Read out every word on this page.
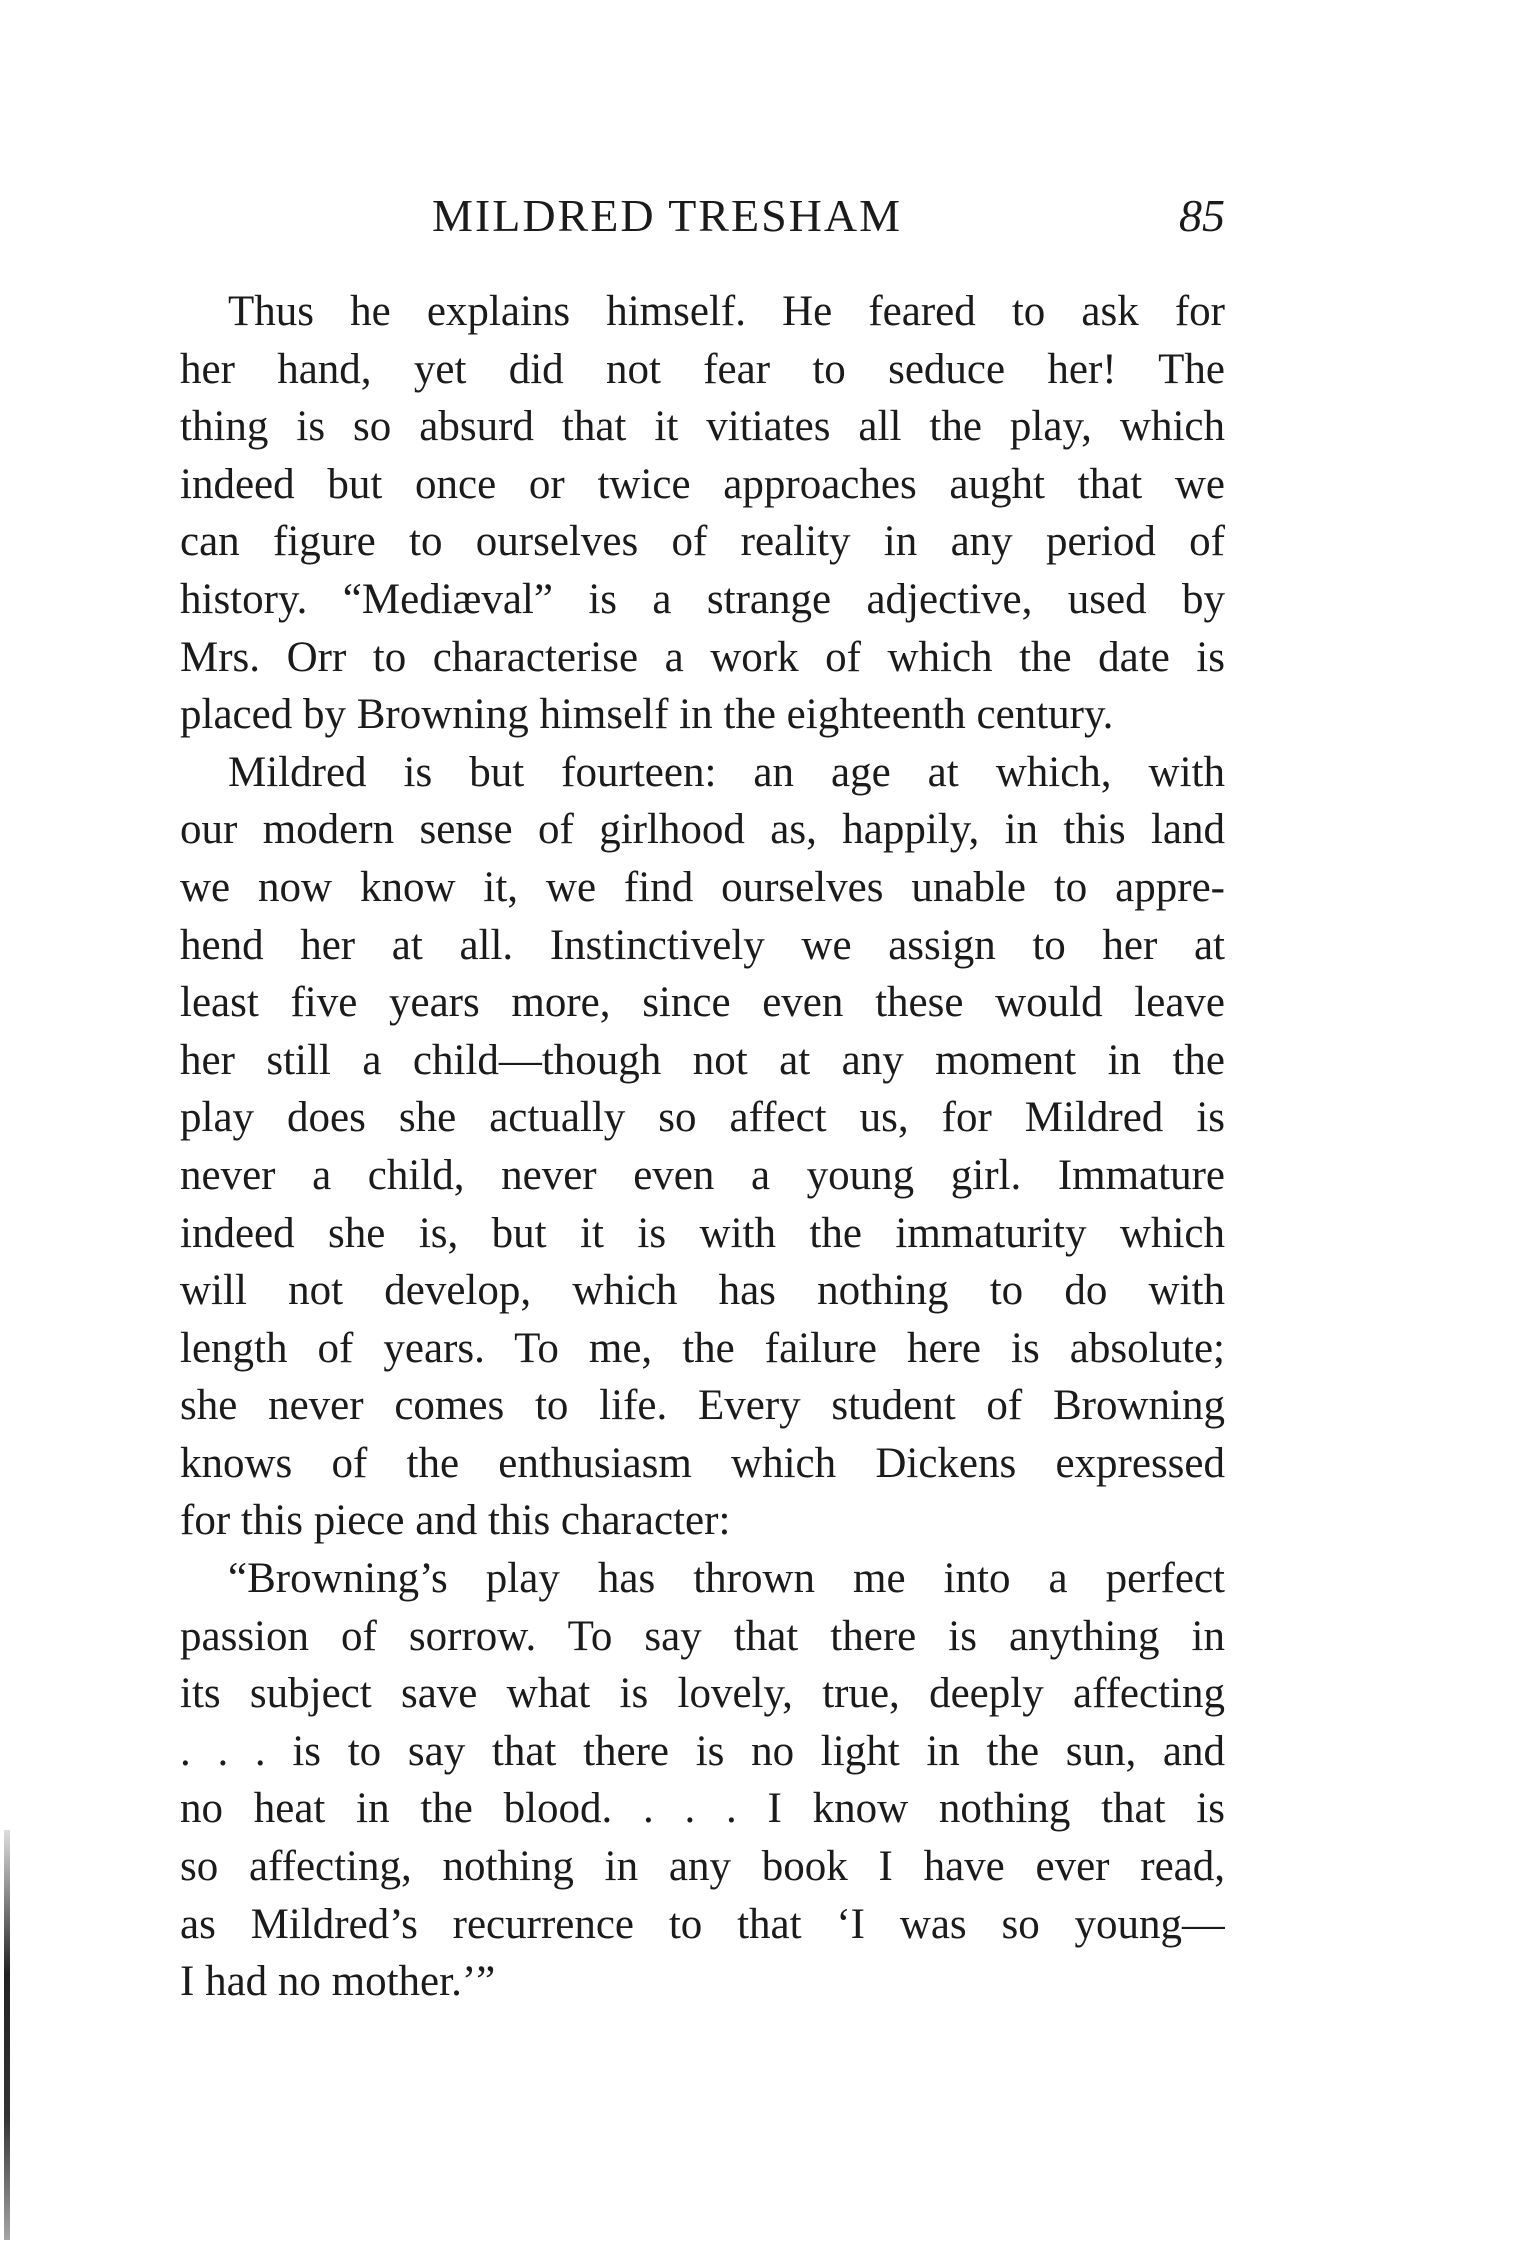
MILDRED TRESHAM	85
Thus he explains himself. He feared to ask for
her hand, yet did not fear to seduce her! The
thing is so absurd that it vitiates all the play, which
indeed but once or twice approaches aught that we
can figure to ourselves of reality in any period of
history. “Mediæval” is a strange adjective, used by
Mrs. Orr to characterise a work of which the date is
placed by Browning himself in the eighteenth century.
Mildred is but fourteen: an age at which, with
our modern sense of girlhood as, happily, in this land
we now know it, we find ourselves unable to appre-
hend her at all. Instinctively we assign to her at
least five years more, since even these would leave
her still a child—though not at any moment in the
play does she actually so affect us, for Mildred is
never a child, never even a young girl. Immature
indeed she is, but it is with the immaturity which
will not develop, which has nothing to do with
length of years. To me, the failure here is absolute;
she never comes to life. Every student of Browning
knows of the enthusiasm which Dickens expressed
for this piece and this character:
“Browning’s play has thrown me into a perfect
passion of sorrow. To say that there is anything in
its subject save what is lovely, true, deeply affecting
. . . is to say that there is no light in the sun, and
no heat in the blood. . . . I know nothing that is
so affecting, nothing in any book I have ever read,
as Mildred’s recurrence to that ‘I was so young—
I had no mother.’”
